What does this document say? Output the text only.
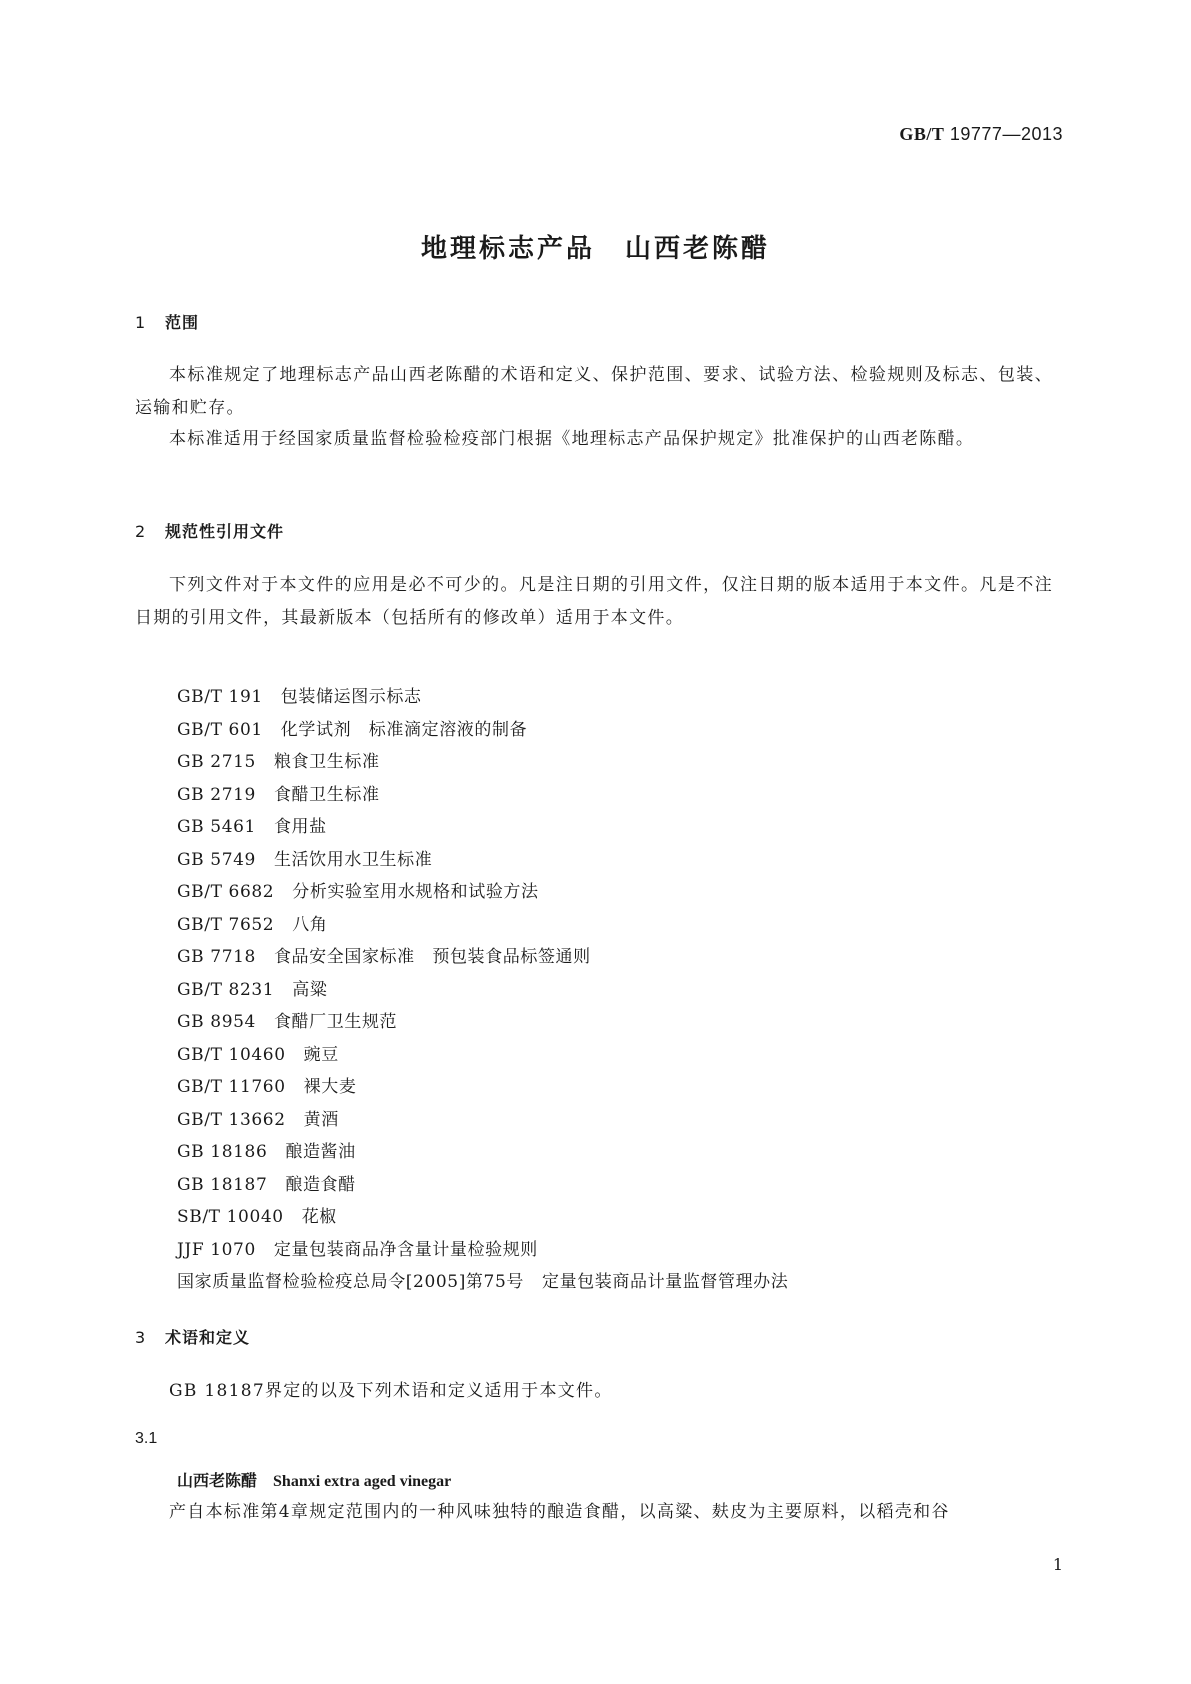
GB/T 19777—2013
地理标志产品 山西老陈醋
1 范围
本标准规定了地理标志产品山西老陈醋的术语和定义、保护范围、要求、试验方法、检验规则及标志、包装、运输和贮存。
本标准适用于经国家质量监督检验检疫部门根据《地理标志产品保护规定》批准保护的山西老陈醋。
2 规范性引用文件
下列文件对于本文件的应用是必不可少的。凡是注日期的引用文件，仅注日期的版本适用于本文件。凡是不注日期的引用文件，其最新版本（包括所有的修改单）适用于本文件。
GB/T 191 包装储运图示标志
GB/T 601 化学试剂　标准滴定溶液的制备
GB 2715 粮食卫生标准
GB 2719 食醋卫生标准
GB 5461 食用盐
GB 5749 生活饮用水卫生标准
GB/T 6682 分析实验室用水规格和试验方法
GB/T 7652 八角
GB 7718 食品安全国家标准　预包装食品标签通则
GB/T 8231 高粱
GB 8954 食醋厂卫生规范
GB/T 10460 豌豆
GB/T 11760 裸大麦
GB/T 13662 黄酒
GB 18186 酿造酱油
GB 18187 酿造食醋
SB/T 10040 花椒
JJF 1070 定量包装商品净含量计量检验规则
国家质量监督检验检疫总局令[2005]第75号 定量包装商品计量监督管理办法
3 术语和定义
GB 18187界定的以及下列术语和定义适用于本文件。
3.1
山西老陈醋 Shanxi extra aged vinegar
产自本标准第4章规定范围内的一种风味独特的酿造食醋，以高粱、麸皮为主要原料，以稻壳和谷
1
